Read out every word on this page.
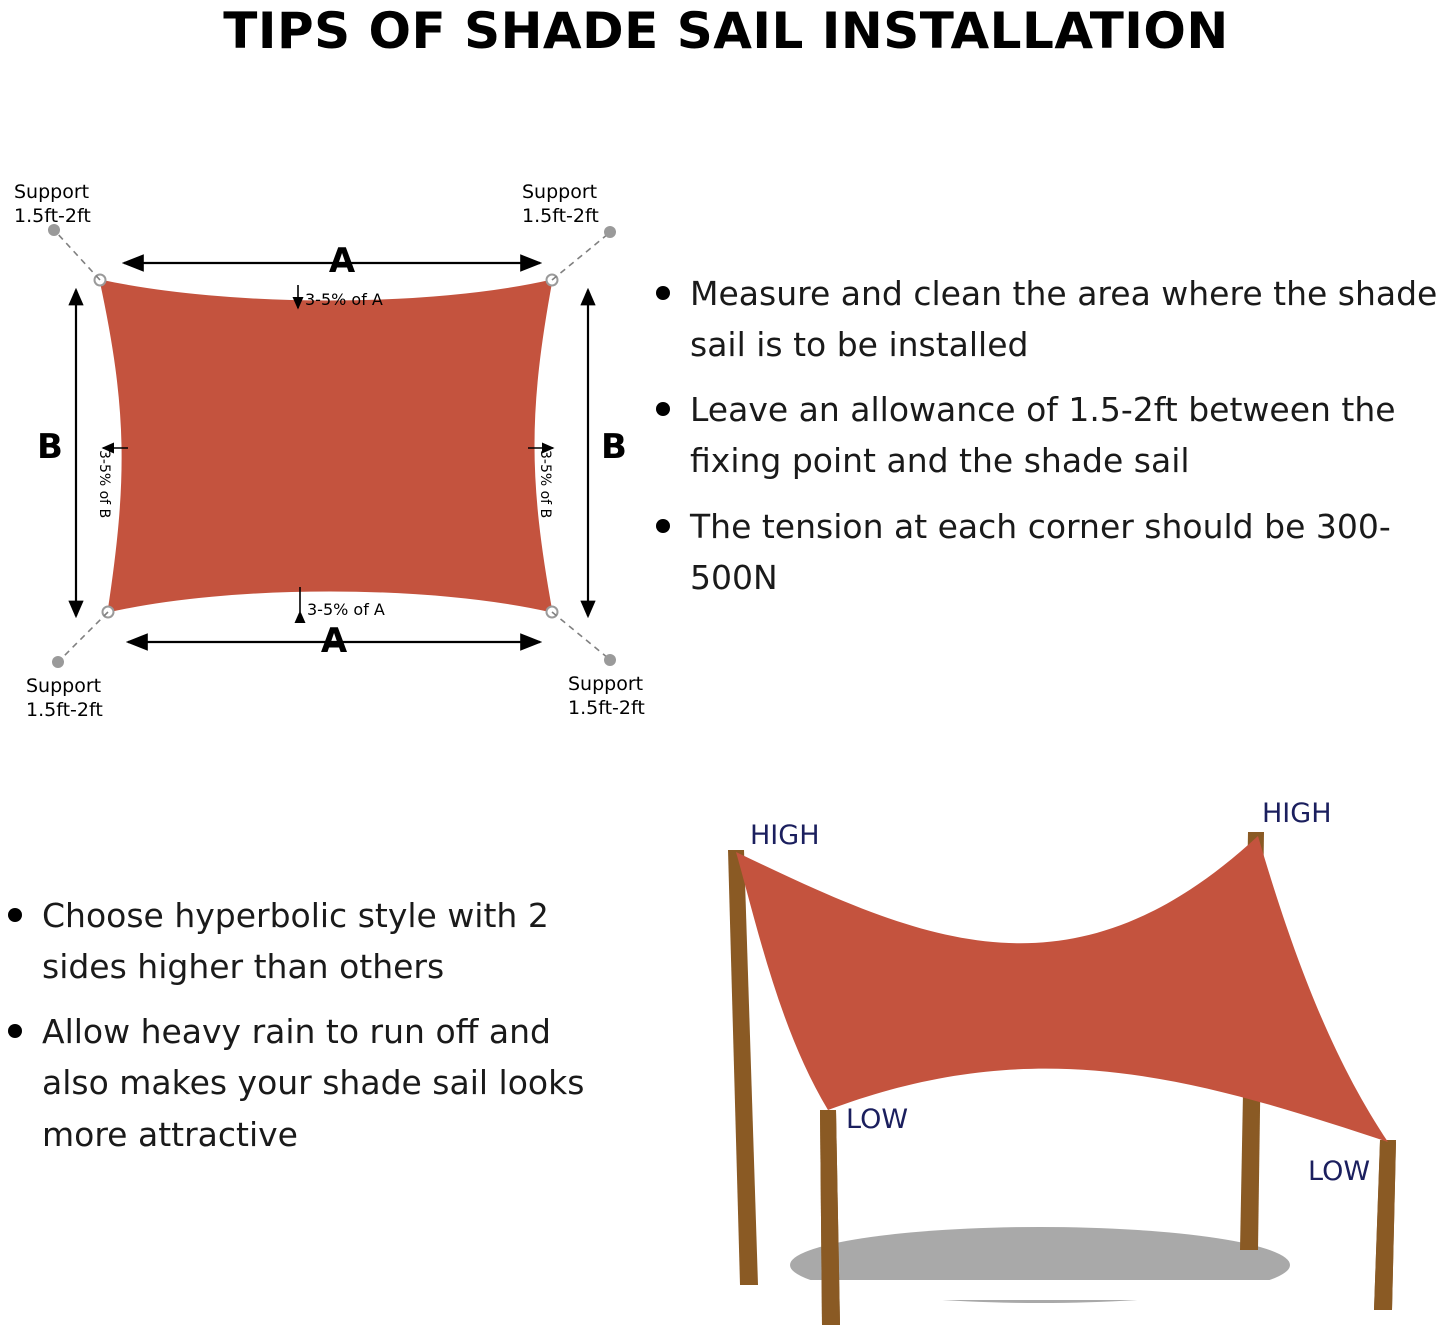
TIPS OF SHADE SAIL INSTALLATION
A
3-5% of A
A
3-5% of A
B
3-5% of B
B
3-5% of B
Support
1.5ft-2ft
Support
1.5ft-2ft
Support
1.5ft-2ft
Support
1.5ft-2ft
Measure and clean the area where the shade sail is to be installed
Leave an allowance of 1.5-2ft between the fixing point and the shade sail
The tension at each corner should be 300-500N
Choose hyperbolic style with 2 sides higher than others
Allow heavy rain to run off and also makes your shade sail looks more attractive
HIGH
HIGH
LOW
LOW
